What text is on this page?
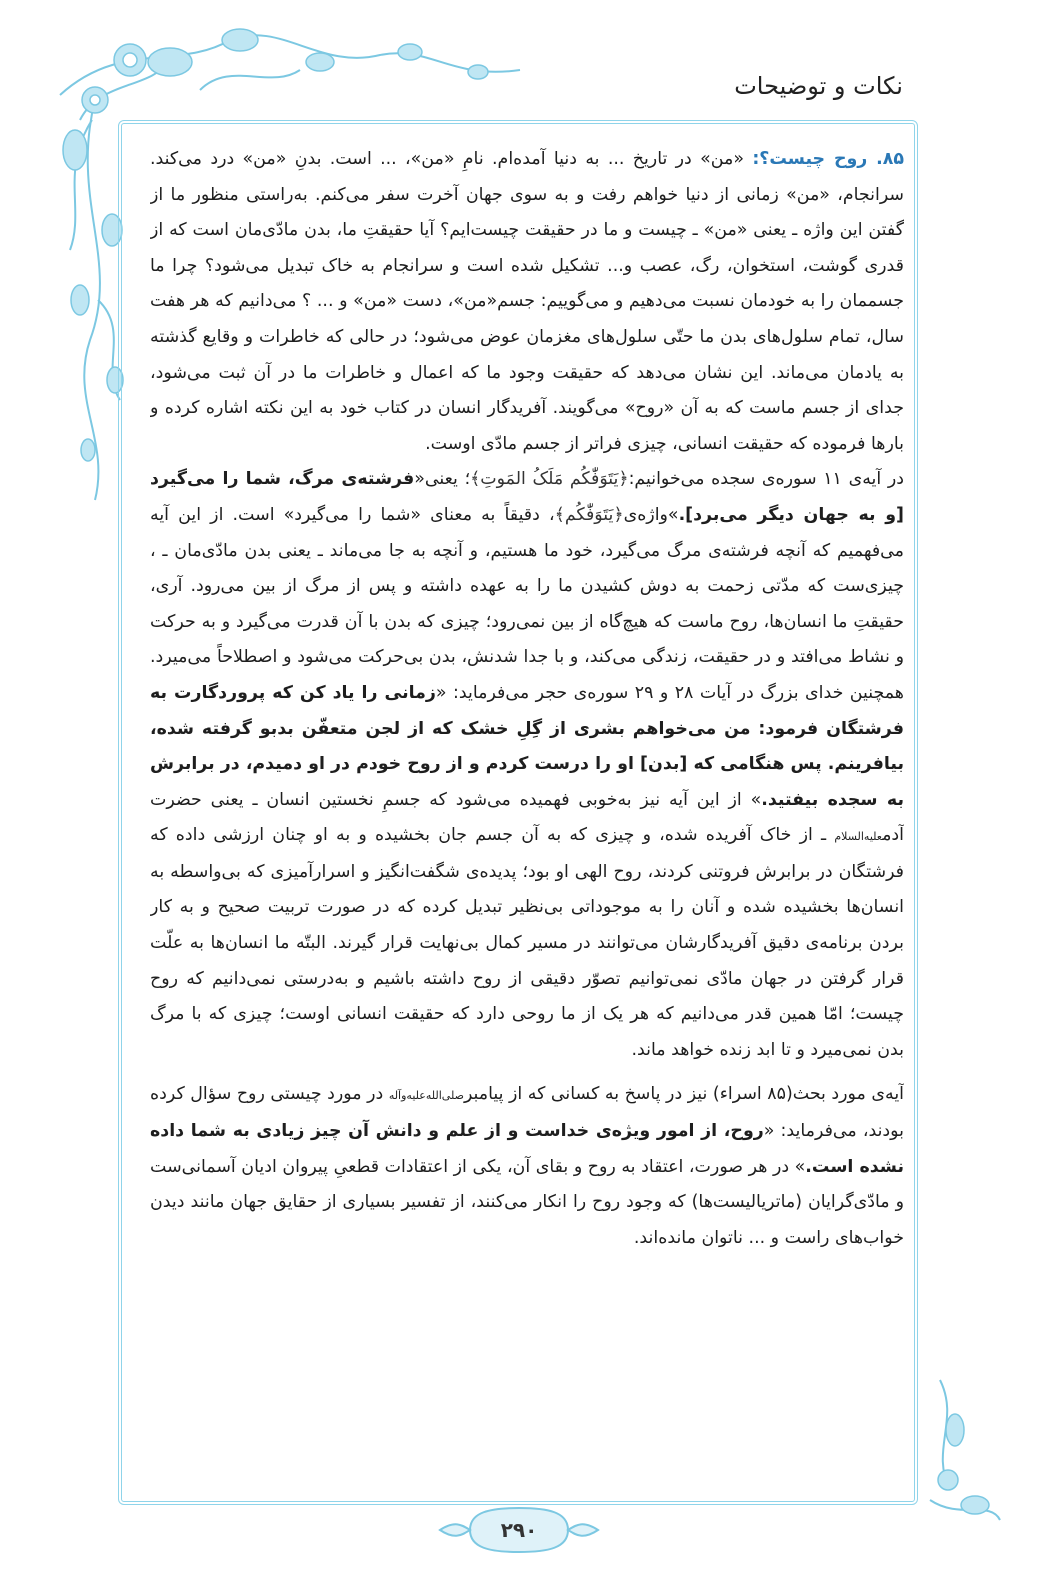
نکات و توضیحات

۸۵. روح چیست؟: «من» در تاریخ ... به دنیا آمده‌ام. نامِ «من»، ... است. بدنِ «من» درد می‌کند. سرانجام، «من» زمانی از دنیا خواهم رفت و به سوی جهان آخرت سفر می‌کنم. به‌راستی منظور ما از گفتن این واژه ـ یعنی «من» ـ چیست و ما در حقیقت چیست‌ایم؟ آیا حقیقتِ ما، بدن مادّی‌مان است که از قدری گوشت، استخوان، رگ، عصب و... تشکیل شده است و سرانجام به خاک تبدیل می‌شود؟ چرا ما جسممان را به خودمان نسبت می‌دهیم و می‌گوییم: جسم«من»، دست «من» و ... ؟ می‌دانیم که هر هفت سال، تمام سلول‌های بدن ما حتّی سلول‌های مغزمان عوض می‌شود؛ در حالی که خاطرات و وقایع گذشته به یادمان می‌ماند. این نشان می‌دهد که حقیقت وجود ما که اعمال و خاطرات ما در آن ثبت می‌شود، جدای از جسم ماست که به آن «روح» می‌گویند. آفریدگار انسان در کتاب خود به این نکته اشاره کرده و بارها فرموده که حقیقت انسانی، چیزی فراتر از جسم مادّی اوست.

در آیه‌ی ۱۱ سوره‌ی سجده می‌خوانیم:﴿یَتَوَفّٰکُم مَلَکُ المَوتِ﴾؛ یعنی«فرشته‌ی مرگ، شما را می‌گیرد [و به جهان دیگر می‌برد].»واژه‌ی﴿یَتَوَفّٰکُم﴾، دقیقاً به معنای «شما را می‌گیرد» است. از این آیه می‌فهمیم که آنچه فرشته‌ی مرگ می‌گیرد، خود ما هستیم، و آنچه به جا می‌ماند ـ یعنی بدن مادّی‌مان ـ ، چیزی‌ست که مدّتی زحمت به دوش کشیدن ما را به عهده داشته و پس از مرگ از بین می‌رود. آری، حقیقتِ ما انسان‌ها، روح ماست که هیچ‌گاه از بین نمی‌رود؛ چیزی که بدن با آن قدرت می‌گیرد و به حرکت و نشاط می‌افتد و در حقیقت، زندگی می‌کند، و با جدا شدنش، بدن بی‌حرکت می‌شود و اصطلاحاً می‌میرد. همچنین خدای بزرگ در آیات ۲۸ و ۲۹ سوره‌ی حجر می‌فرماید: «زمانی را یاد کن که پروردگارت به فرشتگان فرمود: من می‌خواهم بشری از گِلِ خشک که از لجن متعفّن بدبو گرفته شده، بیافرینم. پس هنگامی که [بدن] او را درست کردم و از روح خودم در او دمیدم، در برابرش به سجده بیفتید.» از این آیه نیز به‌خوبی فهمیده می‌شود که جسمِ نخستین انسان ـ یعنی حضرت آدمعلیه‌السلام ـ از خاک آفریده شده، و چیزی که به آن جسم جان بخشیده و به او چنان ارزشی داده که فرشتگان در برابرش فروتنی کردند، روح الهی او بود؛ پدیده‌ی شگفت‌انگیز و اسرارآمیزی که بی‌واسطه به انسان‌ها بخشیده شده و آنان را به موجوداتی بی‌نظیر تبدیل کرده که در صورت تربیت صحیح و به کار بردن برنامه‌ی دقیق آفریدگارشان می‌توانند در مسیر کمال بی‌نهایت قرار گیرند. البتّه ما انسان‌ها به علّت قرار گرفتن در جهان مادّی نمی‌توانیم تصوّر دقیقی از روح داشته باشیم و به‌درستی نمی‌دانیم که روح چیست؛ امّا همین قدر می‌دانیم که هر یک از ما روحی دارد که حقیقت انسانی اوست؛ چیزی که با مرگ بدن نمی‌میرد و تا ابد زنده خواهد ماند.

آیه‌ی مورد بحث(۸۵ اسراء) نیز در پاسخ به کسانی که از پیامبرصلی‌الله‌علیه‌وآله در مورد چیستی روح سؤال کرده بودند، می‌فرماید: «روح، از امور ویژه‌ی خداست و از علم و دانش آن چیز زیادی به شما داده نشده است.» در هر صورت، اعتقاد به روح و بقای آن، یکی از اعتقادات قطعیِ پیروان ادیان آسمانی‌ست و مادّی‌گرایان (ماتریالیست‌ها) که وجود روح را انکار می‌کنند، از تفسیر بسیاری از حقایق جهان مانند دیدن خواب‌های راست و ... ناتوان مانده‌اند.

۲۹۰
